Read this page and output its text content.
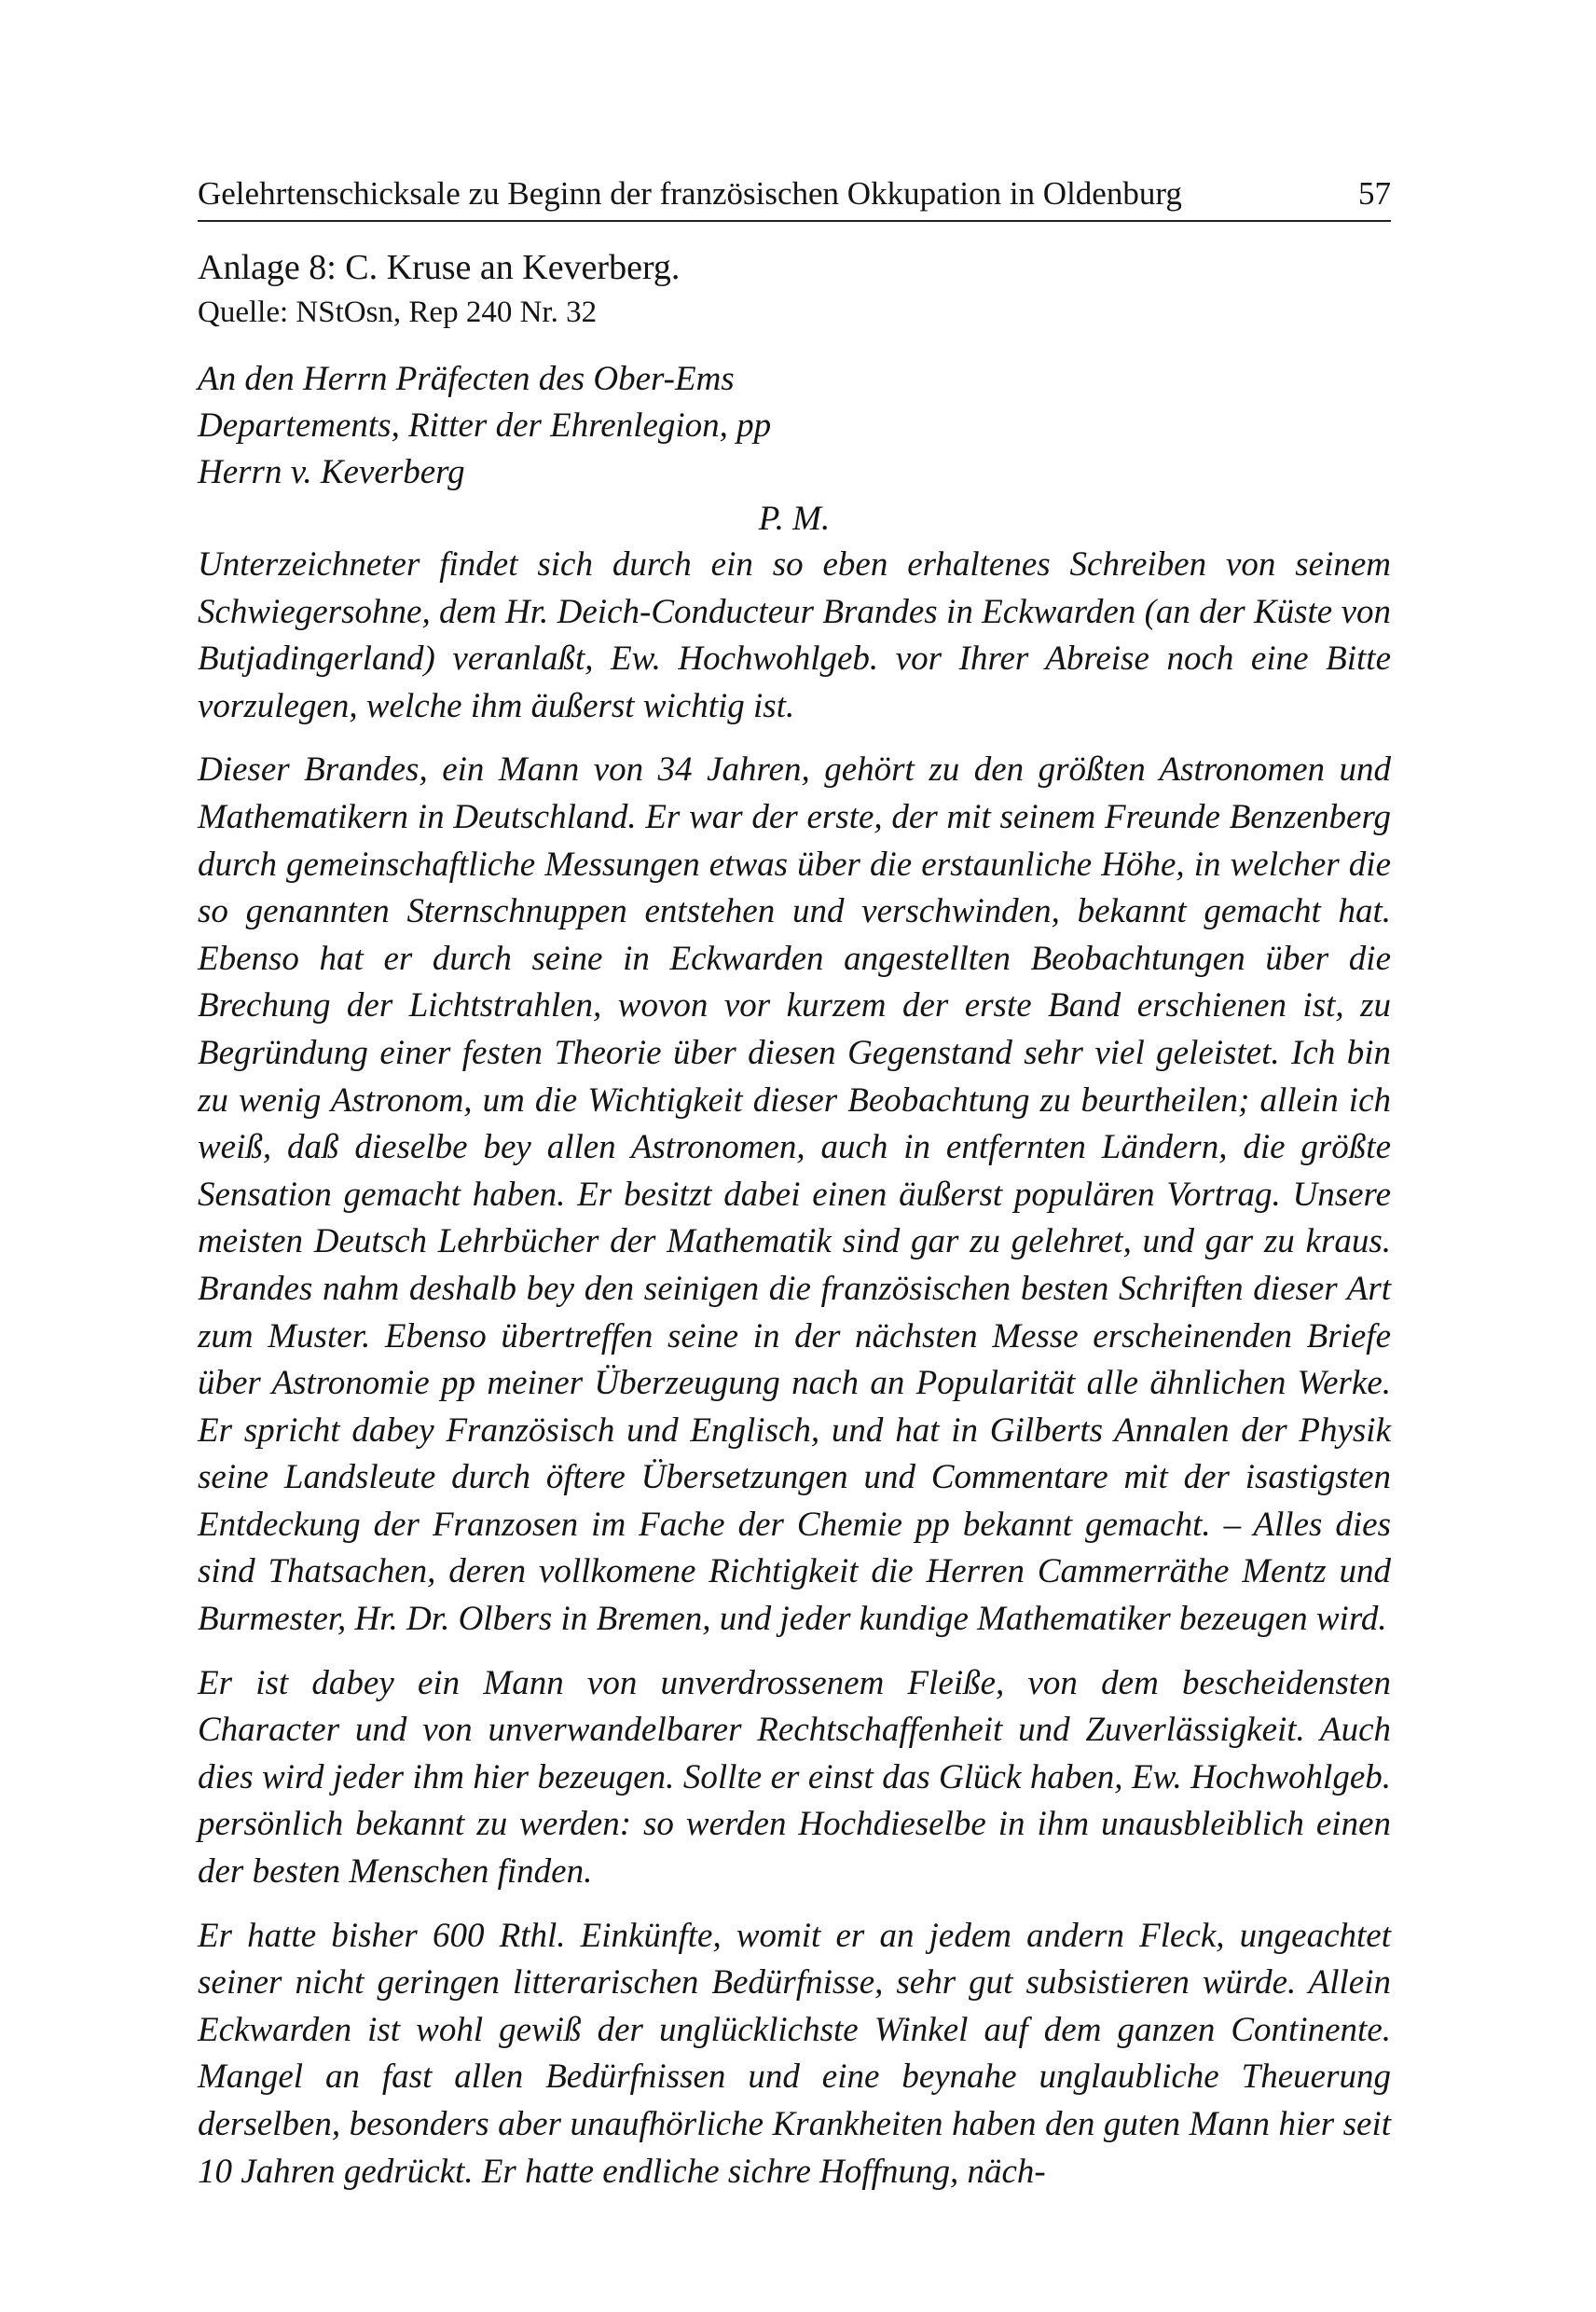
Gelehrtenschicksale zu Beginn der französischen Okkupation in Oldenburg	57
Anlage 8: C. Kruse an Keverberg.
Quelle: NStOsn, Rep 240 Nr. 32
An den Herrn Präfecten des Ober-Ems
Departements, Ritter der Ehrenlegion, pp
Herrn v. Keverberg
P. M.

Unterzeichneter findet sich durch ein so eben erhaltenes Schreiben von seinem Schwiegersohne, dem Hr. Deich-Conducteur Brandes in Eckwarden (an der Küste von Butjadingerland) veranlaßt, Ew. Hochwohlgeb. vor Ihrer Abreise noch eine Bitte vorzulegen, welche ihm äußerst wichtig ist.

Dieser Brandes, ein Mann von 34 Jahren, gehört zu den größten Astronomen und Mathematikern in Deutschland. Er war der erste, der mit seinem Freunde Benzenberg durch gemeinschaftliche Messungen etwas über die erstaunliche Höhe, in welcher die so genannten Sternschnuppen entstehen und verschwinden, bekannt gemacht hat. Ebenso hat er durch seine in Eckwarden angestellten Beobachtungen über die Brechung der Lichtstrahlen, wovon vor kurzem der erste Band erschienen ist, zu Begründung einer festen Theorie über diesen Gegenstand sehr viel geleistet. Ich bin zu wenig Astronom, um die Wichtigkeit dieser Beobachtung zu beurtheilen; allein ich weiß, daß dieselbe bey allen Astronomen, auch in entfernten Ländern, die größte Sensation gemacht haben. Er besitzt dabei einen äußerst populären Vortrag. Unsere meisten Deutsch Lehrbücher der Mathematik sind gar zu gelehret, und gar zu kraus. Brandes nahm deshalb bey den seinigen die französischen besten Schriften dieser Art zum Muster. Ebenso übertreffen seine in der nächsten Messe erscheinenden Briefe über Astronomie pp meiner Überzeugung nach an Popularität alle ähnlichen Werke. Er spricht dabey Französisch und Englisch, und hat in Gilberts Annalen der Physik seine Landsleute durch öftere Übersetzungen und Commentare mit der isastigsten Entdeckung der Franzosen im Fache der Chemie pp bekannt gemacht. – Alles dies sind Thatsachen, deren vollkomene Richtigkeit die Herren Cammerräthe Mentz und Burmester, Hr. Dr. Olbers in Bremen, und jeder kundige Mathematiker bezeugen wird.

Er ist dabey ein Mann von unverdrossenem Fleiße, von dem bescheidensten Character und von unverwandelbarer Rechtschaffenheit und Zuverlässigkeit. Auch dies wird jeder ihm hier bezeugen. Sollte er einst das Glück haben, Ew. Hochwohlgeb. persönlich bekannt zu werden: so werden Hochdieselbe in ihm unausbleiblich einen der besten Menschen finden.

Er hatte bisher 600 Rthl. Einkünfte, womit er an jedem andern Fleck, ungeachtet seiner nicht geringen litterarischen Bedürfnisse, sehr gut subsistieren würde. Allein Eckwarden ist wohl gewiß der unglücklichste Winkel auf dem ganzen Continente. Mangel an fast allen Bedürfnissen und eine beynahe unglaubliche Theuerung derselben, besonders aber unaufhörliche Krankheiten haben den guten Mann hier seit 10 Jahren gedrückt. Er hatte endliche sichre Hoffnung, näch-
